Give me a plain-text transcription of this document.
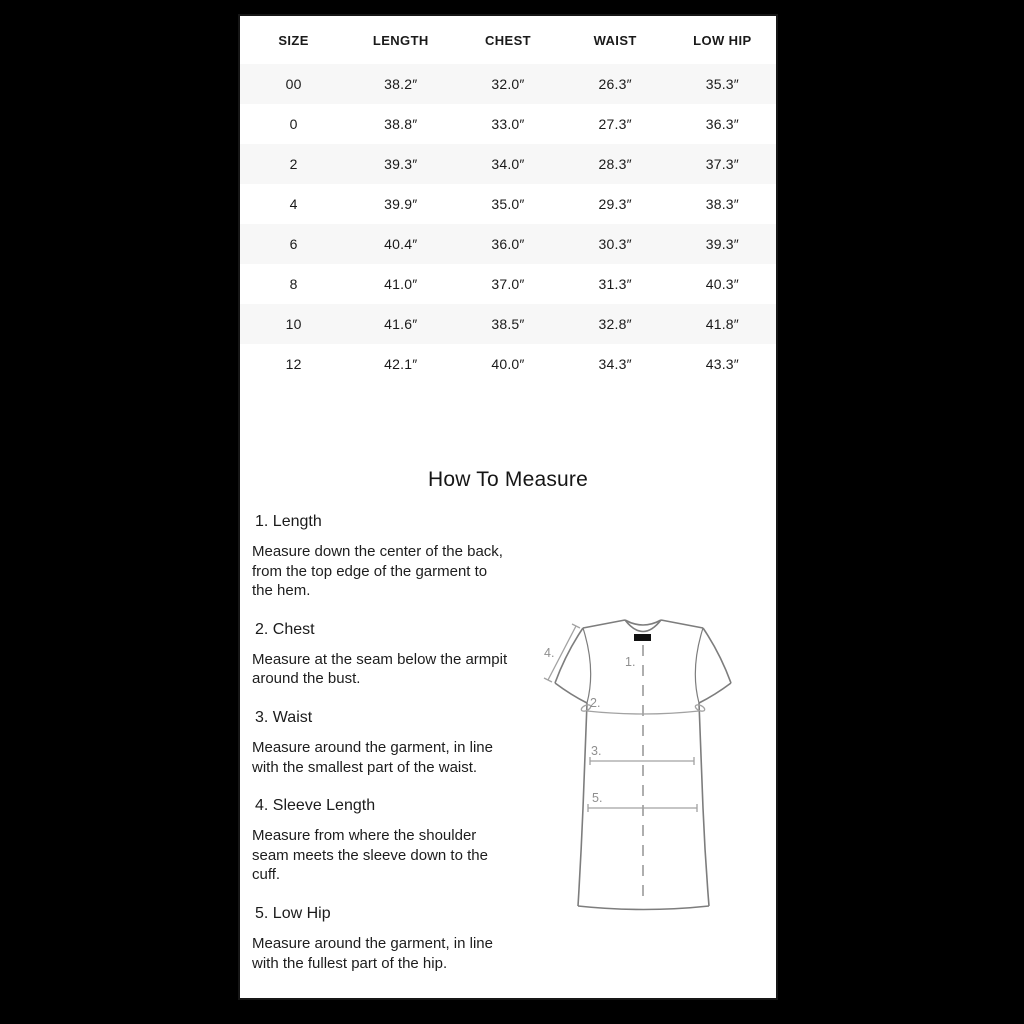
SIZE	LENGTH	CHEST	WAIST	LOW HIP
00	38.2″	32.0″	26.3″	35.3″
0	38.8″	33.0″	27.3″	36.3″
2	39.3″	34.0″	28.3″	37.3″
4	39.9″	35.0″	29.3″	38.3″
6	40.4″	36.0″	30.3″	39.3″
8	41.0″	37.0″	31.3″	40.3″
10	41.6″	38.5″	32.8″	41.8″
12	42.1″	40.0″	34.3″	43.3″
How To Measure
1. Length

Measure down the center of the back, from the top edge of the garment to the hem.

2. Chest

Measure at the seam below the armpit around the bust.

3. Waist

Measure around the garment, in line with the smallest part of the waist.

4. Sleeve Length

Measure from where the shoulder seam meets the sleeve down to the cuff.

5. Low Hip

Measure around the garment, in line with the fullest part of the hip.

1.
2.
3.
4.
5.
